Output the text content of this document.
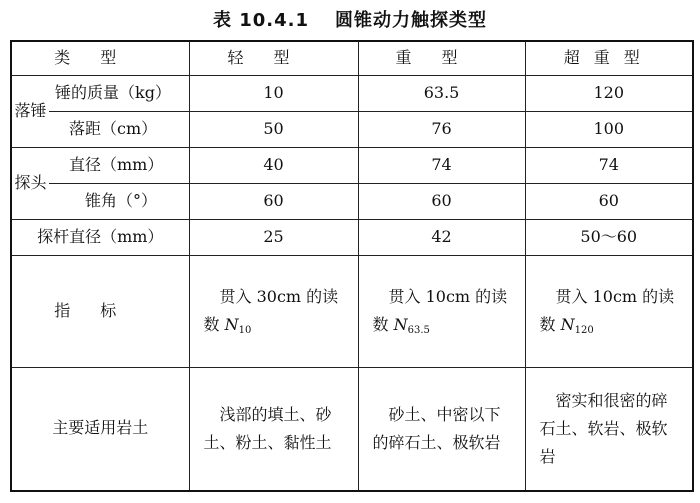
表 10.4.1 圆锥动力触探类型
类型		轻型	重型	超重型
落锤	锤的质量（kg）	10	63.5	120
	落距（cm）	50	76	100
探头	直径（mm）	40	74	74
	锥角（°）	60	60	60
探杆直径（mm）		25	42	50～60
指标		贯入 30cm 的读数 N10	贯入 10cm 的读数 N63.5	贯入 10cm 的读数 N120

主要适用岩土		浅部的填土、砂土、粉土、黏性土	砂土、中密以下的碎石土、极软岩	密实和很密的碎石土、软岩、极软岩
